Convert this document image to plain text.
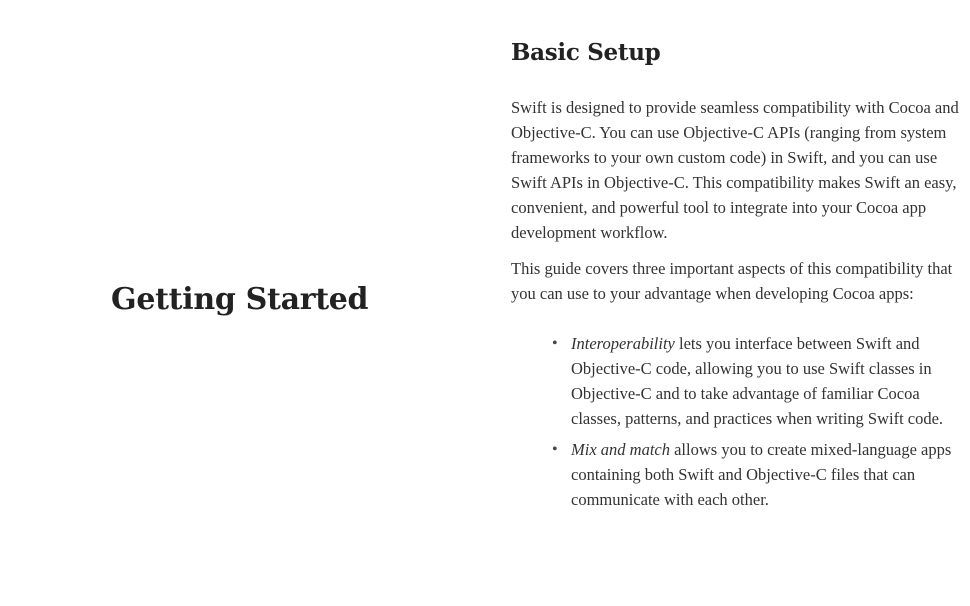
Getting Started
Basic Setup

Swift is designed to provide seamless compatibility with Cocoa and Objective-C. You can use Objective-C APIs (ranging from system frameworks to your own custom code) in Swift, and you can use Swift APIs in Objective-C. This compatibility makes Swift an easy, convenient, and powerful tool to integrate into your Cocoa app development workflow.

This guide covers three important aspects of this compatibility that you can use to your advantage when developing Cocoa apps:

• Interoperability lets you interface between Swift and Objective-C code, allowing you to use Swift classes in Objective-C and to take advantage of familiar Cocoa classes, patterns, and practices when writing Swift code.
• Mix and match allows you to create mixed-language apps containing both Swift and Objective-C files that can communicate with each other.
